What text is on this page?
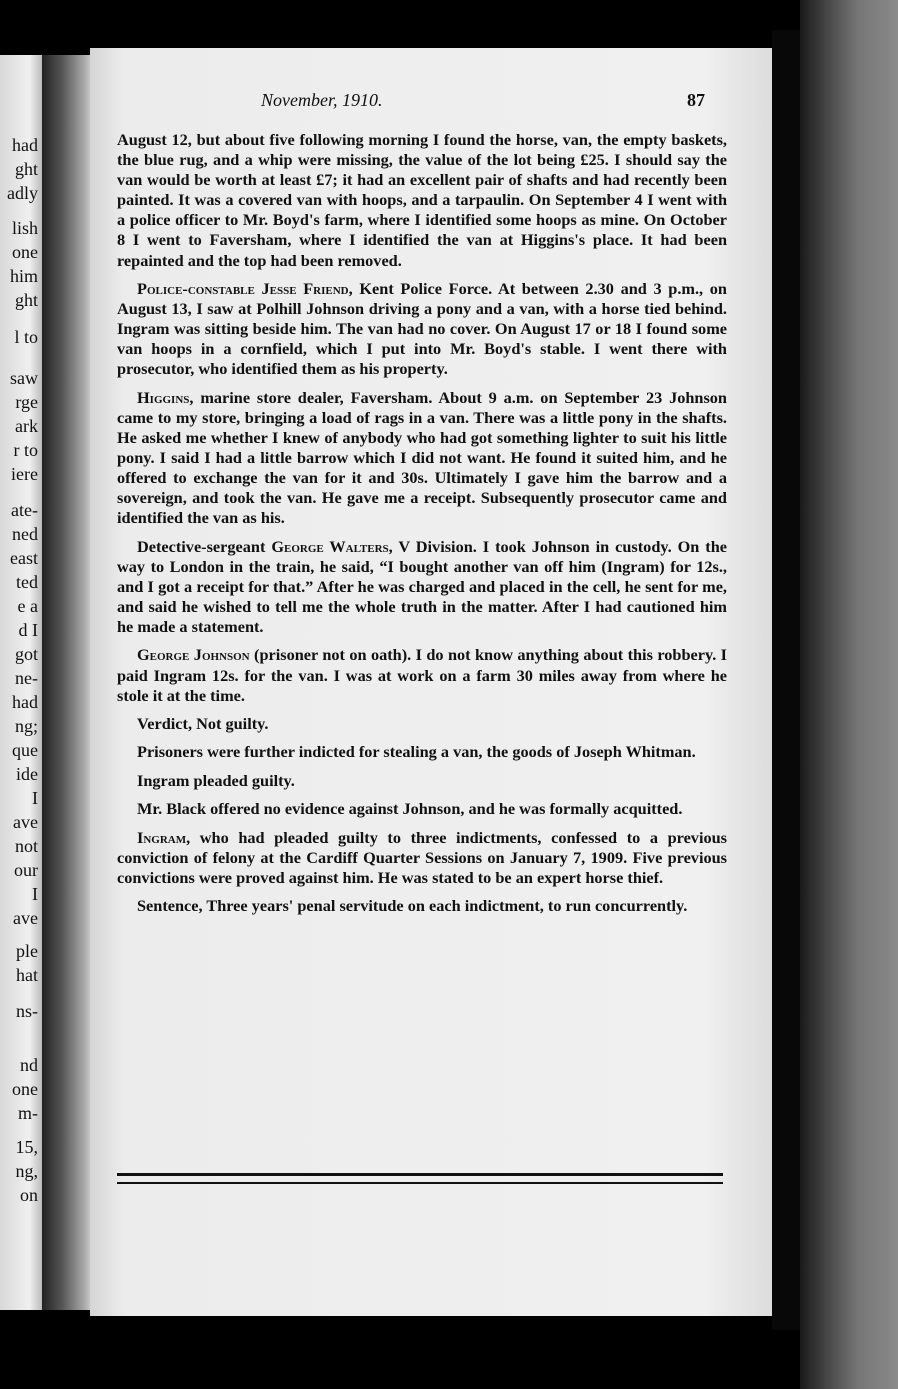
had
ght
adly
lish
one
him
ght
l to
saw
rge
ark
r to
iere
ate-
ned
east
ted
e a
d I
got
ne-
had
ng;
que
ide
I
ave
not
our
I
ave
ple
hat
ns-
nd
one
m-
15,
ng,
on
November, 1910.	87

August 12, but about five following morning I found the horse, van, the empty baskets, the blue rug, and a whip were missing, the value of the lot being £25. I should say the van would be worth at least £7; it had an excellent pair of shafts and had recently been painted. It was a covered van with hoops, and a tarpaulin. On September 4 I went with a police officer to Mr. Boyd's farm, where I identified some hoops as mine. On October 8 I went to Faversham, where I identified the van at Higgins's place. It had been repainted and the top had been removed.

Police-constable Jesse Friend, Kent Police Force. At between 2.30 and 3 p.m., on August 13, I saw at Polhill Johnson driving a pony and a van, with a horse tied behind. Ingram was sitting beside him. The van had no cover. On August 17 or 18 I found some van hoops in a cornfield, which I put into Mr. Boyd's stable. I went there with prosecutor, who identified them as his property.

Higgins, marine store dealer, Faversham. About 9 a.m. on September 23 Johnson came to my store, bringing a load of rags in a van. There was a little pony in the shafts. He asked me whether I knew of anybody who had got something lighter to suit his little pony. I said I had a little barrow which I did not want. He found it suited him, and he offered to exchange the van for it and 30s. Ultimately I gave him the barrow and a sovereign, and took the van. He gave me a receipt. Subsequently prosecutor came and identified the van as his.

Detective-sergeant George Walters, V Division. I took Johnson in custody. On the way to London in the train, he said, “I bought another van off him (Ingram) for 12s., and I got a receipt for that.” After he was charged and placed in the cell, he sent for me, and said he wished to tell me the whole truth in the matter. After I had cautioned him he made a statement.

George Johnson (prisoner not on oath). I do not know anything about this robbery. I paid Ingram 12s. for the van. I was at work on a farm 30 miles away from where he stole it at the time.

Verdict, Not guilty.

Prisoners were further indicted for stealing a van, the goods of Joseph Whitman.

Ingram pleaded guilty.

Mr. Black offered no evidence against Johnson, and he was formally acquitted.

Ingram, who had pleaded guilty to three indictments, confessed to a previous conviction of felony at the Cardiff Quarter Sessions on January 7, 1909. Five previous convictions were proved against him. He was stated to be an expert horse thief.

Sentence, Three years' penal servitude on each indictment, to run concurrently.
